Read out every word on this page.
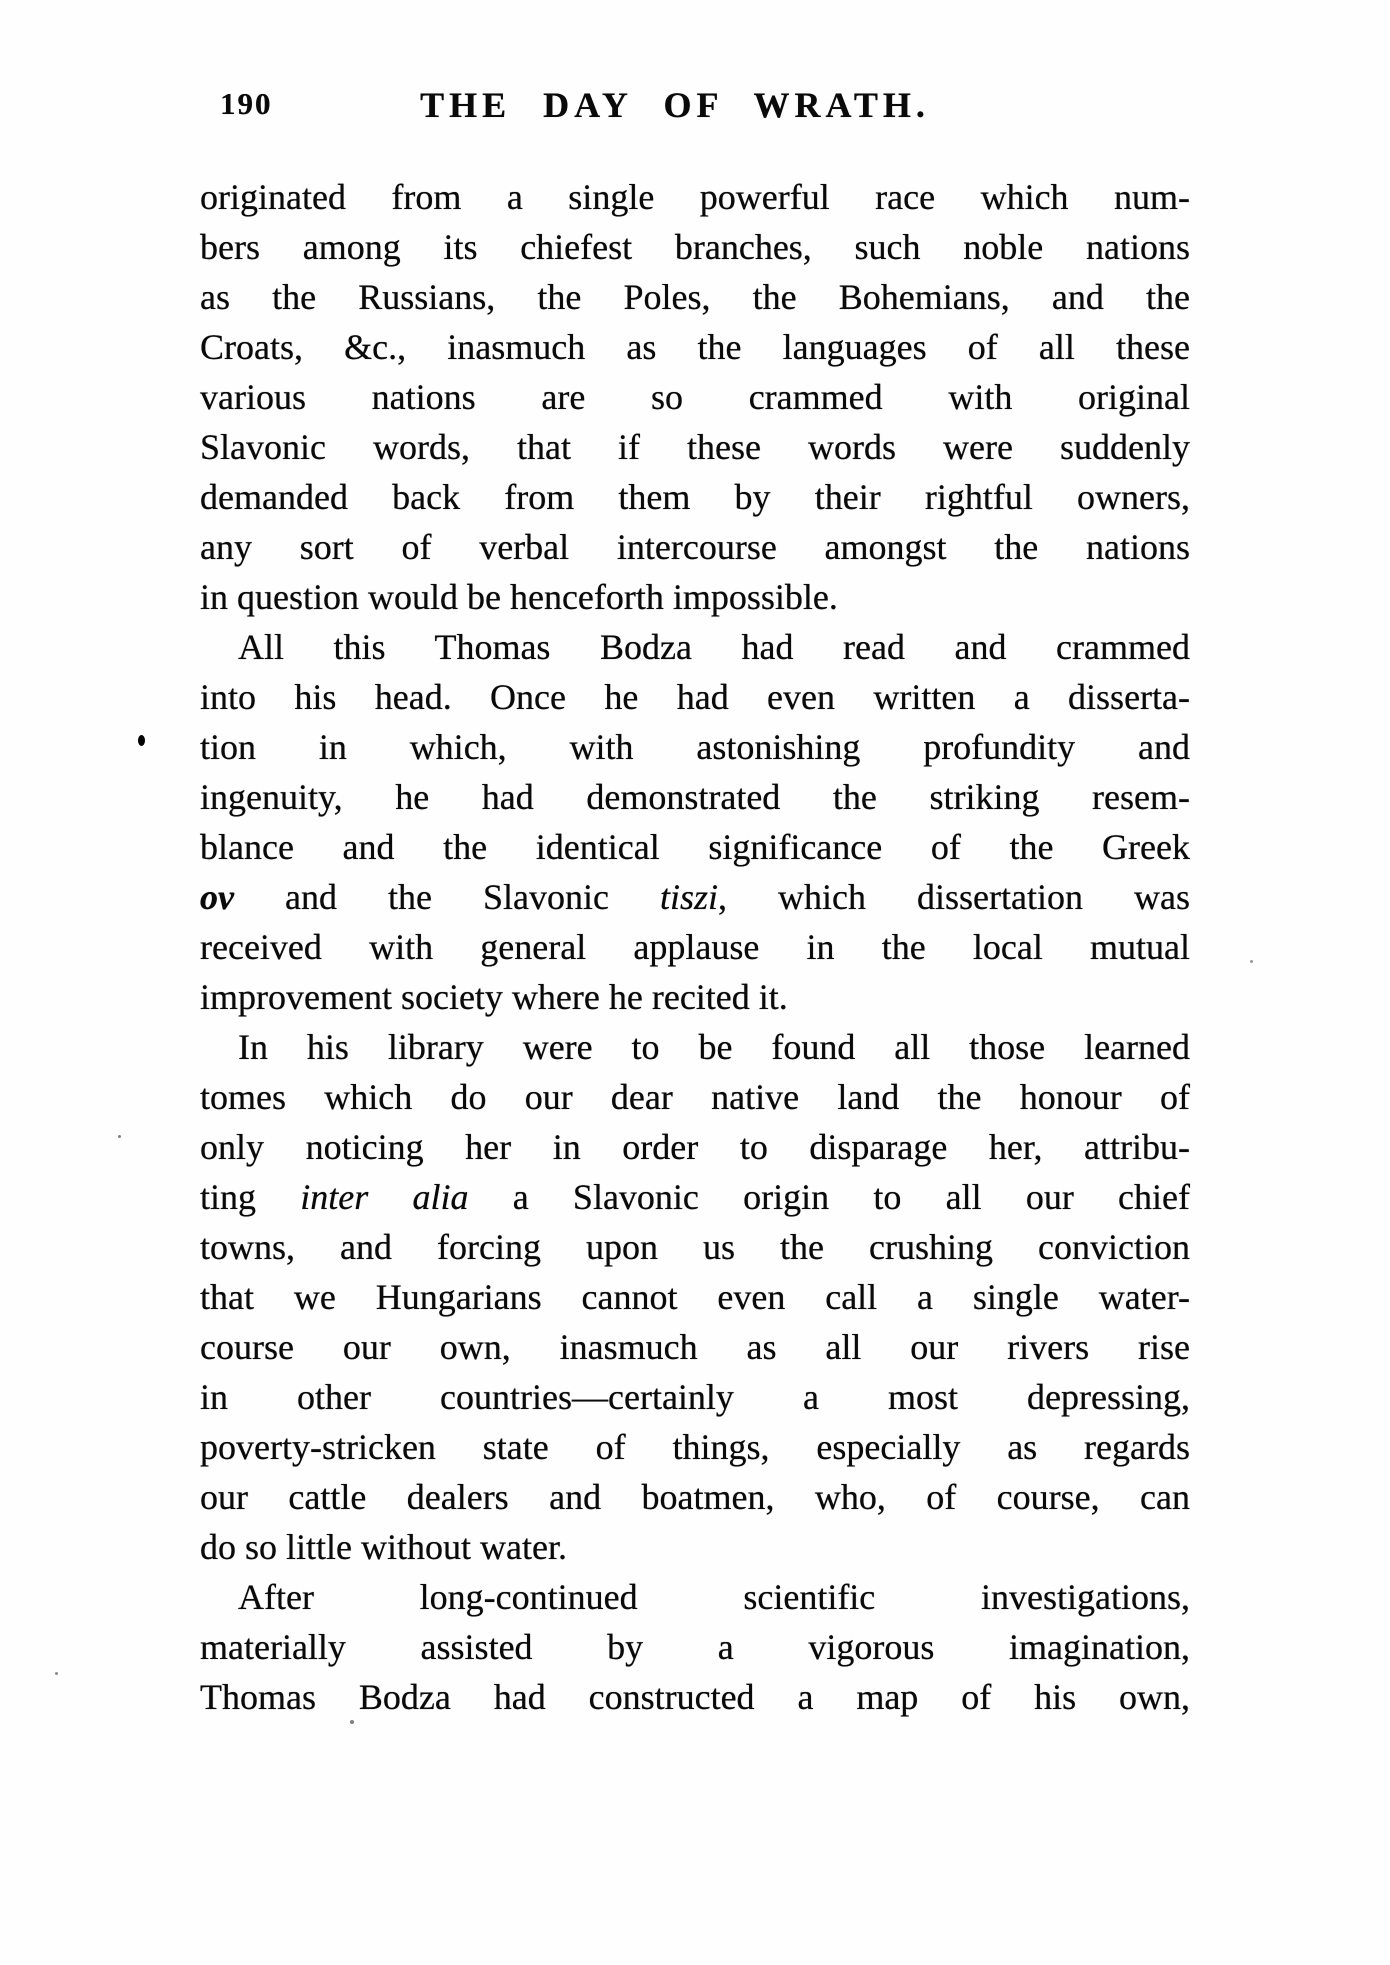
190	THE DAY OF WRATH.
originated from a single powerful race which num-
bers among its chiefest branches, such noble nations
as the Russians, the Poles, the Bohemians, and the
Croats, &c., inasmuch as the languages of all these
various nations are so crammed with original
Slavonic words, that if these words were suddenly
demanded back from them by their rightful owners,
any sort of verbal intercourse amongst the nations
in question would be henceforth impossible.
All this Thomas Bodza had read and crammed
into his head. Once he had even written a disserta-
tion in which, with astonishing profundity and
ingenuity, he had demonstrated the striking resem-
blance and the identical significance of the Greek
ov and the Slavonic tiszi, which dissertation was
received with general applause in the local mutual
improvement society where he recited it.
In his library were to be found all those learned
tomes which do our dear native land the honour of
only noticing her in order to disparage her, attribu-
ting inter alia a Slavonic origin to all our chief
towns, and forcing upon us the crushing conviction
that we Hungarians cannot even call a single water-
course our own, inasmuch as all our rivers rise
in other countries—certainly a most depressing,
poverty-stricken state of things, especially as regards
our cattle dealers and boatmen, who, of course, can
do so little without water.
After long-continued scientific investigations,
materially assisted by a vigorous imagination,
Thomas Bodza had constructed a map of his own,
